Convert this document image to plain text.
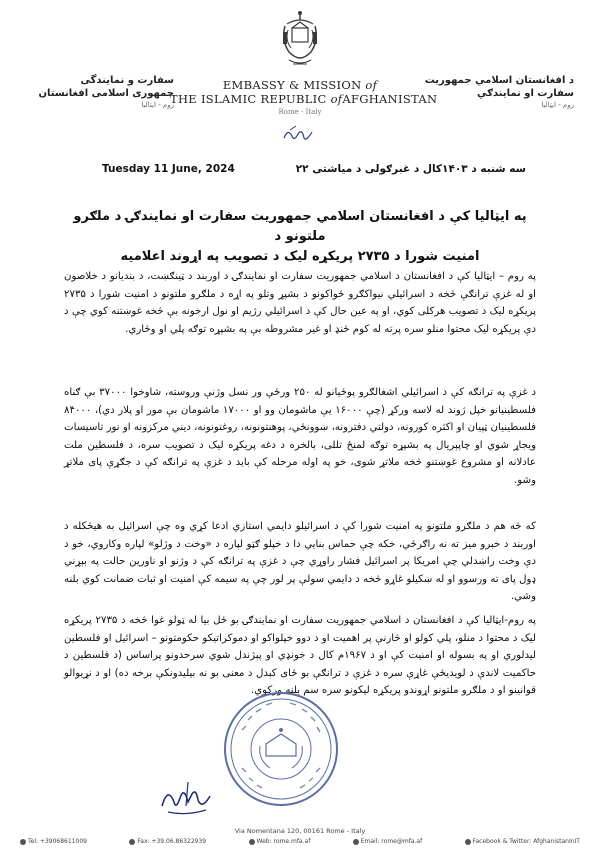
سفارت و نمایندگی
جمهوری اسلامی افغانستان
روم - ایتالیا
EMBASSY & MISSION of
THE ISLAMIC REPUBLIC ofAFGHANISTAN
Rome - Italy
د افغانستان اسلامي جمهوریت
سفارت او نمایندګي
روم - ایټالیا
Tuesday 11 June, 2024	سه شنبه د ۱۴۰۳کال د غبرګولی د میاشتی ۲۲
په ایټالیا کې د افغانستان اسلامي جمهوریت سفارت او نمایندګۍ د ملګرو ملتونو د
امنیت شورا د ۲۷۳۵ پریکړه لیک د تصویب په اړوند اعلامیه

په روم – ایټالیا کې د افغانستان د اسلامي جمهوریت سفارت او نمایندګۍ د اوربند د ټینګښت، د بندیانو د خلاصون او له غزې ترانګې څخه د اسرائیلي نیواکګرو ځواکونو د بشپړ وتلو په اړه د ملګرو ملتونو د امنیت شورا د ۲۷۳۵ پریکړه لیک د تصویب هرکلی کوي، او په عین حال کې د اسرائیلي رژیم او نول ارخونه بې څخه غوښتنه کوي چې د دې پریکړه لیک محتوا منلو سره پرته له کوم ځنډ او غیر مشروطه بې په بشپړه توګه پلي او وځاري.

د غزې په ترانګه کې د اسرائیلي اشغالګرو پوځیانو له ۲۵۰ ورځې ور نسل وژنې وروسته، شاوخوا ۳۷۰۰۰ بې ګناه فلسطینیانو خپل ژوند له لاسه ورکړ (چې ۱۶۰۰۰ یې ماشومان وو او ۱۷۰۰۰ ماشومان بې مور او پلار دي)، ۸۴۰۰۰ فلسطینیان ټپیان او اکثره کورونه، دولتي دفترونه، ښوونځي، پوهنتونونه، روغتونونه، دیني مرکزونه او نور تاسیسات ویجاړ شوي او چاپېریال په بشپړه توګه لمنځ تللی، بالخره د دغه پریکړه لیک د تصویب سره، د فلسطین ملت عادلانه او مشروع غوښتنو څخه ملاتړ شوی، خو په اوله مرحله کې باید د غزې په ترانګه کې د جګړې پای ملاتړ وشو.

که څه هم د ملګرو ملتونو په امنیت شورا کې د اسرائیلو دایمي استازي ادعا کړي وه چې اسرائیل به هیڅکله د اوربند د خبرو میز ته نه راګرځي، خکه چې حماس بنایي دا د خپلو ګټو لپاره د «وخت د وژلو» لپاره وکاروي، خو د دې وخت راښدلي چې امریکا پر اسرائیل فشار راوړي چې د غزې په ترانګه کې د وژنو او ناورین حالت په بېړني ډول پای ته ورسوو او له ښکیلو غاړو څخه د دایمي سولې پر لور چې په سیمه کې امنیت او ثبات ضمانت کوي بلنه وشي.

په روم-ایټالیا کې د افغانستان د اسلامي جمهوریت سفارت او نمایندګۍ بو ځل بیا له ټولو غوا څخه د ۲۷۳۵ پریکړه لیک د محتوا د منلو، پلي کولو او څارنې پر اهمیت او د دوو خپلواکو او دموکراتیکو حکومتونو – اسرائیل او فلسطین لیدلوري او په بسوله او امنیت کې او د ۱۹۶۷م کال د خونډي او پېژندل شوي سرحدونو پراساس (د فلسطین د حاکمیت لاندې د لویدیځې غاړې سره د غزې د ترانګې بو ځای کېدل د معنی بو نه بیلیدونکې برخه ده) او د نړیوالو قوانینو او د ملګرو ملتونو اړوندو پریکړه لیکونو سره سم بلنه ورکوي.

Via Nomentana 120, 00161 Rome - Italy
Tel: +39068611009	Fax: +39.06.86322939	Web: rome.mfa.af	Email: rome@mfa.af	Facebook & Twitter: AfghanistanInIT
